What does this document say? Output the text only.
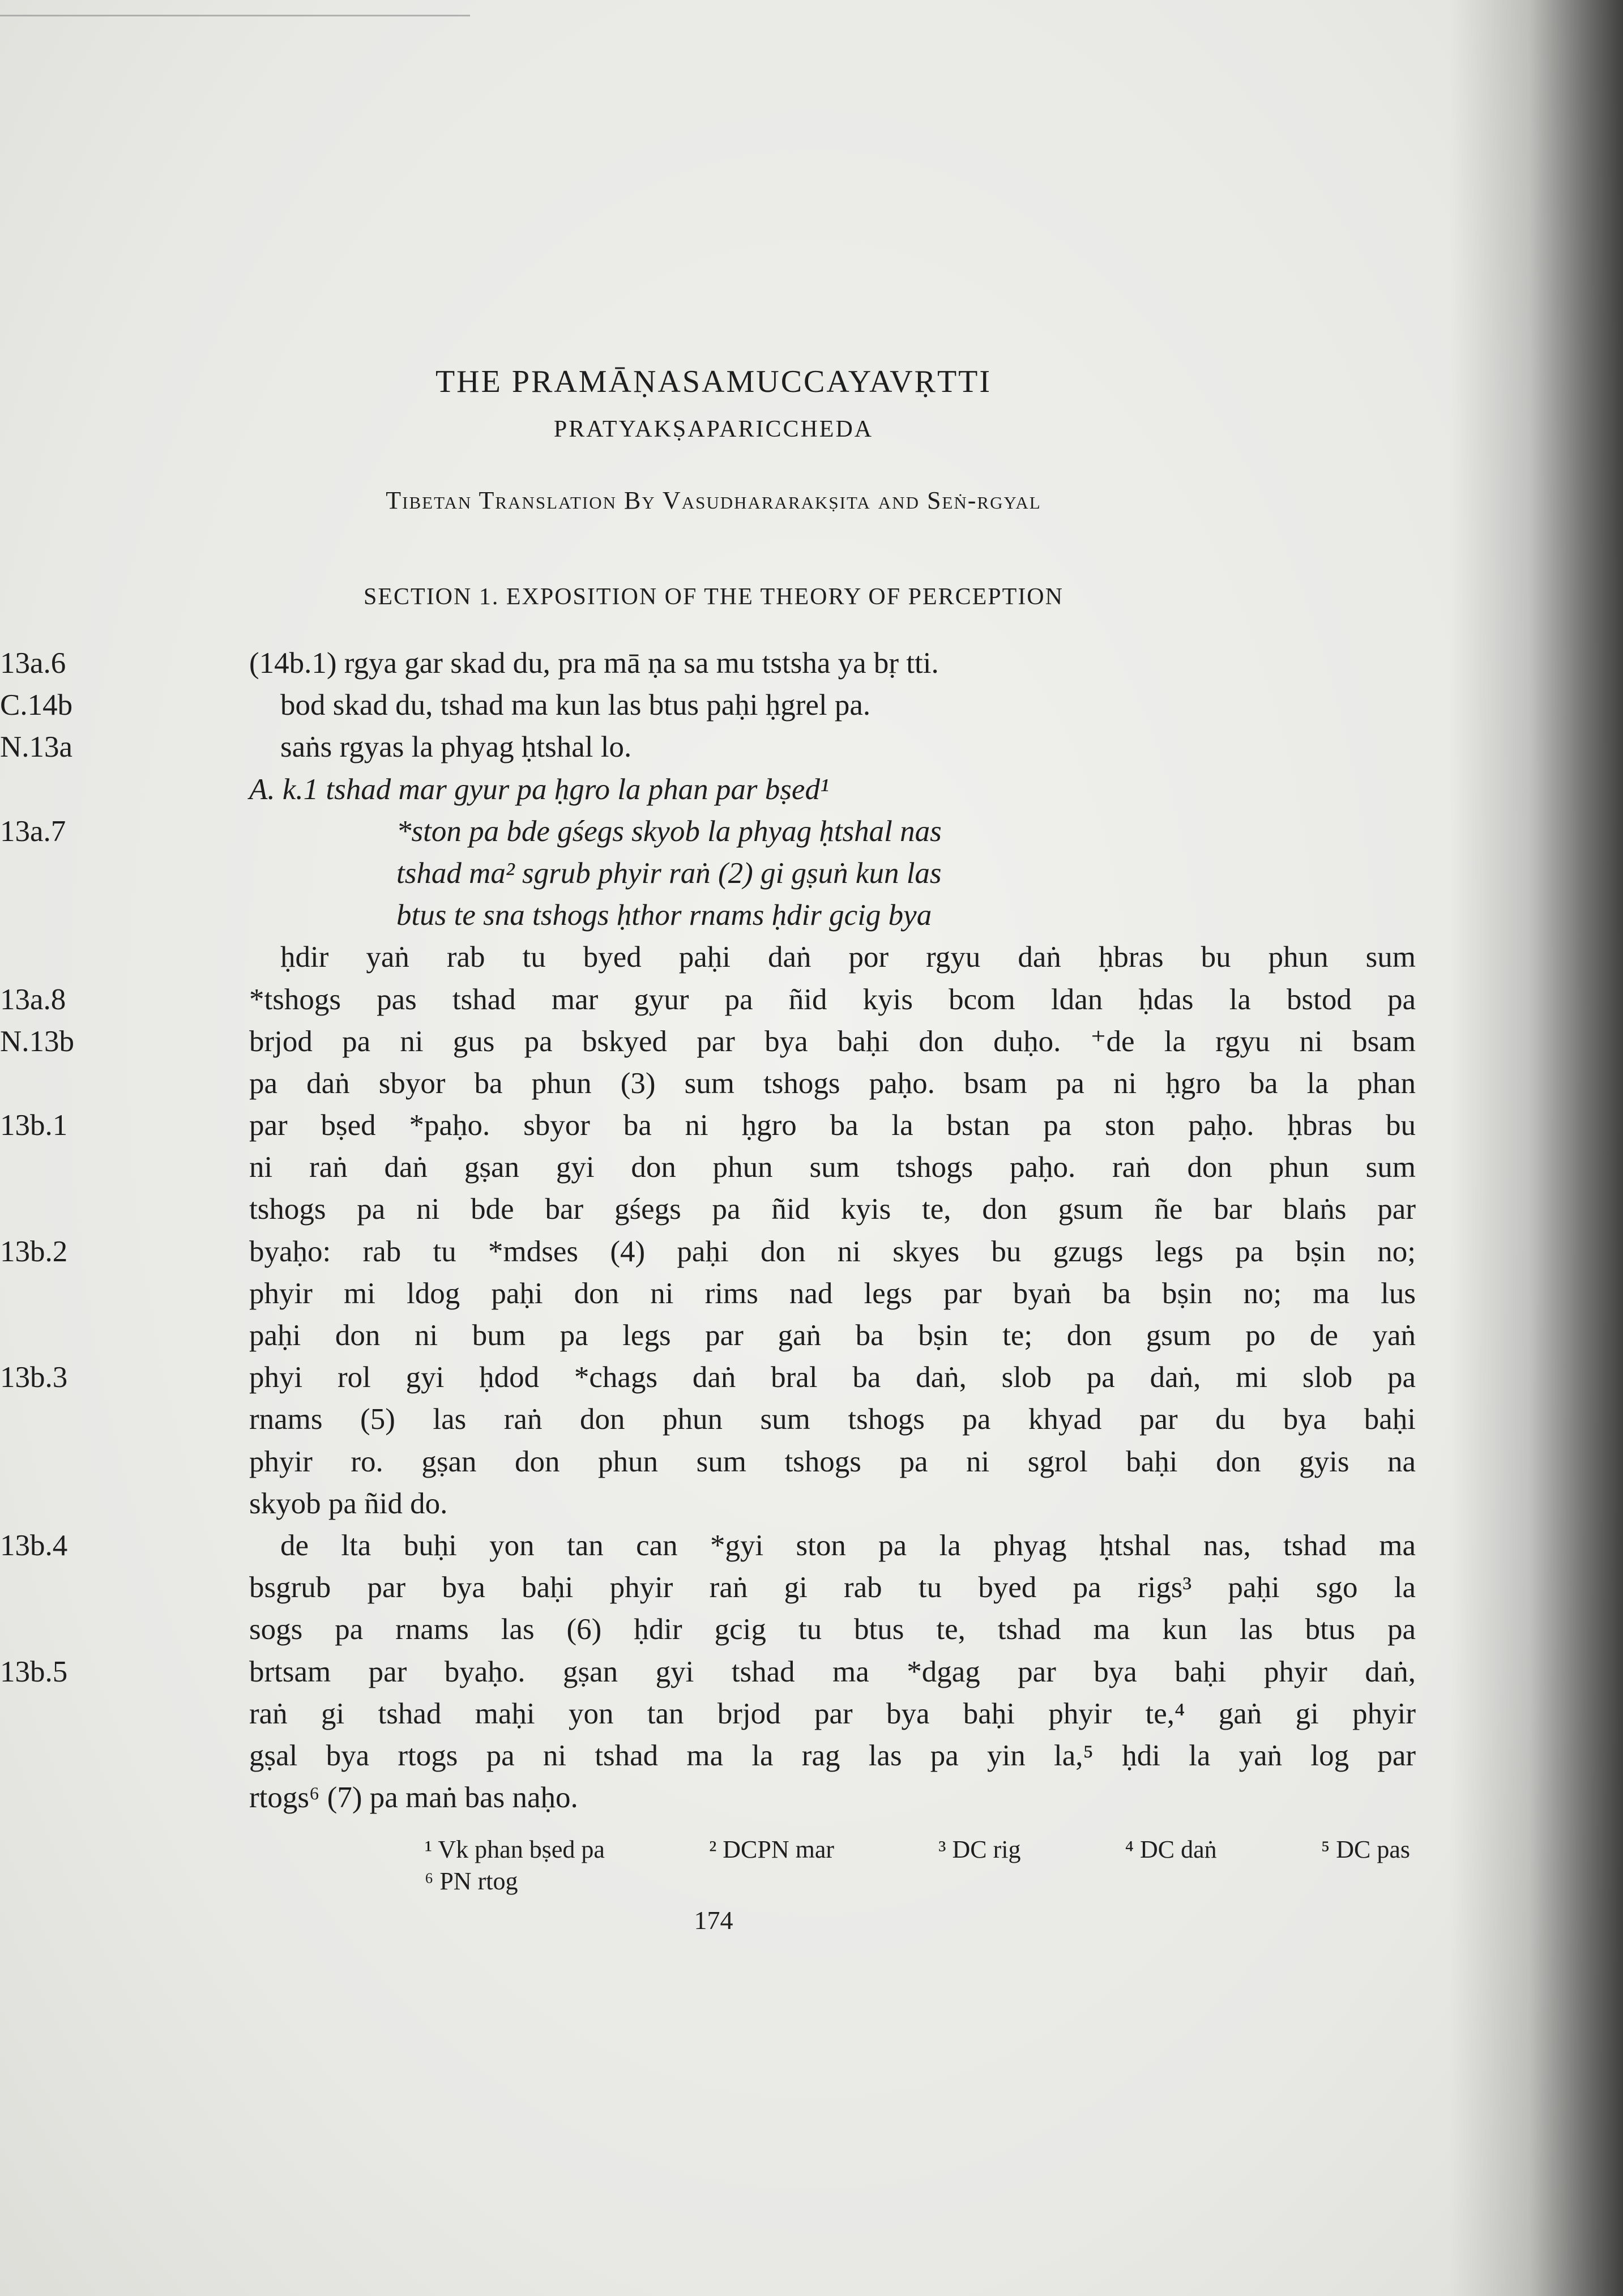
THE PRAMĀṆASAMUCCAYAVṚTTI
PRATYAKṢAPARICCHEDA
Tibetan Translation By Vasudhararakṣita and Seṅ-rgyal
SECTION 1. EXPOSITION OF THE THEORY OF PERCEPTION
13a.6	(14b.1) rgya gar skad du, pra mā ṇa sa mu tstsha ya bṛ tti.
C.14b	bod skad du, tshad ma kun las btus paḥi ḥgrel pa.
N.13a	saṅs rgyas la phyag ḥtshal lo.
A. k.1 tshad mar gyur pa ḥgro la phan par bṣed¹
13a.7	*ston pa bde gśegs skyob la phyag ḥtshal nas
tshad ma² sgrub phyir raṅ (2) gi gṣuṅ kun las
btus te sna tshogs ḥthor rnams ḥdir gcig bya
ḥdir yaṅ rab tu byed paḥi daṅ por rgyu daṅ ḥbras bu phun sum
13a.8	*tshogs pas tshad mar gyur pa ñid kyis bcom ldan ḥdas la bstod pa
N.13b	brjod pa ni gus pa bskyed par bya baḥi don duḥo. ⁺de la rgyu ni bsam
pa daṅ sbyor ba phun (3) sum tshogs paḥo. bsam pa ni ḥgro ba la phan
13b.1	par bṣed *paḥo. sbyor ba ni ḥgro ba la bstan pa ston paḥo. ḥbras bu
ni raṅ daṅ gṣan gyi don phun sum tshogs paḥo. raṅ don phun sum
tshogs pa ni bde bar gśegs pa ñid kyis te, don gsum ñe bar blaṅs par
13b.2	byaḥo: rab tu *mdses (4) paḥi don ni skyes bu gzugs legs pa bṣin no;
phyir mi ldog paḥi don ni rims nad legs par byaṅ ba bṣin no; ma lus
paḥi don ni bum pa legs par gaṅ ba bṣin te; don gsum po de yaṅ
13b.3	phyi rol gyi ḥdod *chags daṅ bral ba daṅ, slob pa daṅ, mi slob pa
rnams (5) las raṅ don phun sum tshogs pa khyad par du bya baḥi
phyir ro. gṣan don phun sum tshogs pa ni sgrol baḥi don gyis na
skyob pa ñid do.
13b.4	de lta buḥi yon tan can *gyi ston pa la phyag ḥtshal nas, tshad ma
bsgrub par bya baḥi phyir raṅ gi rab tu byed pa rigs³ paḥi sgo la
sogs pa rnams las (6) ḥdir gcig tu btus te, tshad ma kun las btus pa
13b.5	brtsam par byaḥo. gṣan gyi tshad ma *dgag par bya baḥi phyir daṅ,
raṅ gi tshad maḥi yon tan brjod par bya baḥi phyir te,⁴ gaṅ gi phyir
gṣal bya rtogs pa ni tshad ma la rag las pa yin la,⁵ ḥdi la yaṅ log par
rtogs⁶ (7) pa maṅ bas naḥo.
¹ Vk phan bṣed pa	² DCPN mar	³ DC rig	⁴ DC daṅ	⁵ DC pas
⁶ PN rtog
174
